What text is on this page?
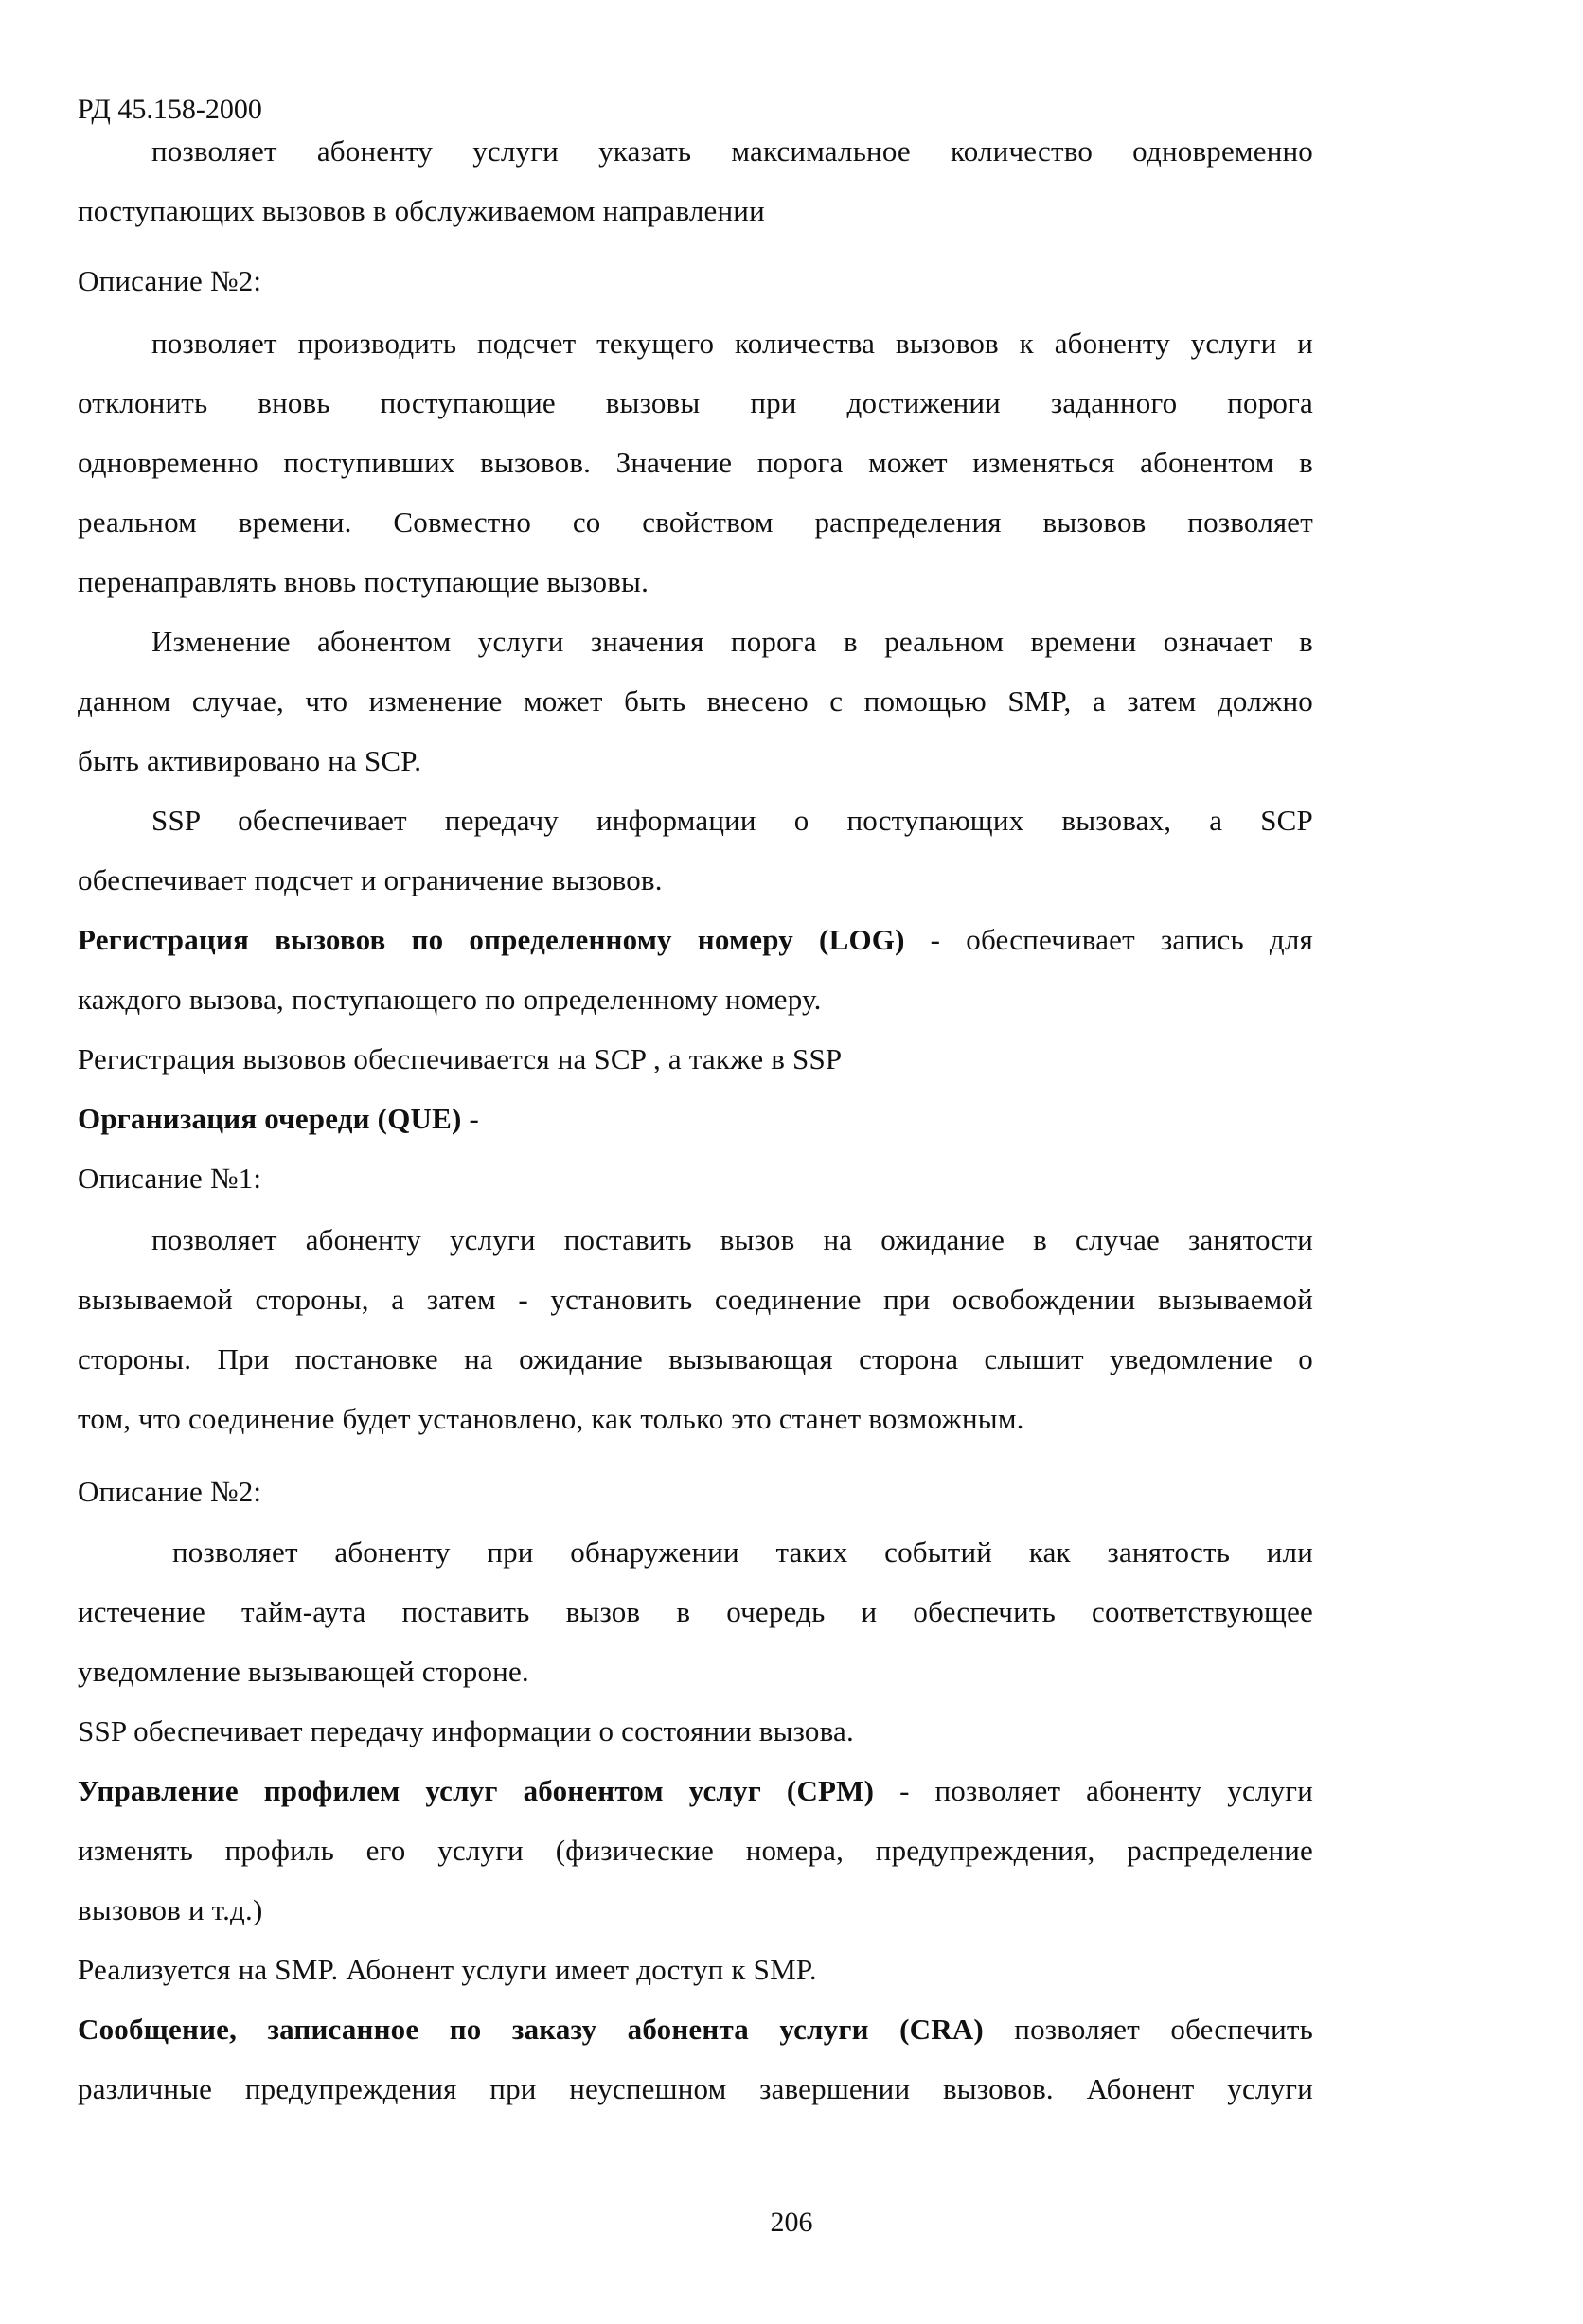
РД 45.158-2000
позволяет абоненту услуги указать максимальное количество одновременно
поступающих вызовов в обслуживаемом направлении
Описание №2:
позволяет производить подсчет текущего количества вызовов к абоненту услуги и
отклонить вновь поступающие вызовы при достижении заданного порога
одновременно поступивших вызовов. Значение порога может изменяться абонентом в
реальном времени. Совместно со свойством распределения вызовов позволяет
перенаправлять вновь поступающие вызовы.
Изменение абонентом услуги значения порога в реальном времени означает в
данном случае, что изменение может быть внесено с помощью SMP, а затем должно
быть активировано на SCP.
SSP обеспечивает передачу информации о поступающих вызовах, а SCP
обеспечивает подсчет и ограничение вызовов.
Регистрация вызовов по определенному номеру (LOG) - обеспечивает запись для
каждого вызова, поступающего по определенному номеру.
Регистрация вызовов обеспечивается на SCP , а также в SSP
Организация очереди (QUE) -
Описание №1:
позволяет абоненту услуги поставить вызов на ожидание в случае занятости
вызываемой стороны, а затем - установить соединение при освобождении вызываемой
стороны. При постановке на ожидание вызывающая сторона слышит уведомление о
том, что соединение будет установлено, как только это станет возможным.
Описание №2:
позволяет абоненту при обнаружении таких событий как занятость или
истечение тайм-аута поставить вызов в очередь и обеспечить соответствующее
уведомление вызывающей стороне.
SSP обеспечивает передачу информации о состоянии вызова.
Управление профилем услуг абонентом услуг (CPM) - позволяет абоненту услуги
изменять профиль его услуги (физические номера, предупреждения, распределение
вызовов и т.д.)
Реализуется на SMP. Абонент услуги имеет доступ к SMP.
Сообщение, записанное по заказу абонента услуги (CRA) позволяет обеспечить
различные предупреждения при неуспешном завершении вызовов. Абонент услуги
206
